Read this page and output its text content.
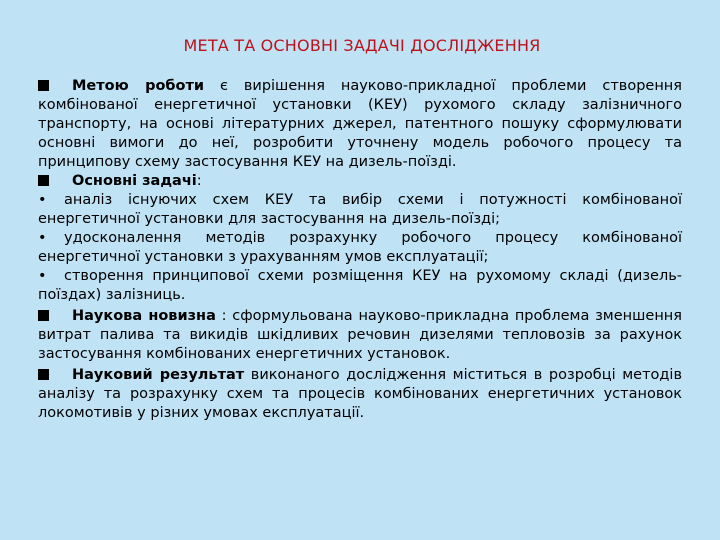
МЕТА ТА ОСНОВНІ ЗАДАЧІ ДОСЛІДЖЕННЯ

Метою роботи є вирішення науково-прикладної проблеми створення комбінованої енергетичної установки (КЕУ) рухомого складу залізничного транспорту, на основі літературних джерел, патентного пошуку сформулювати основні вимоги до неї, розробити уточнену модель робочого процесу та принципову схему застосування КЕУ на дизель-поїзді.

Основні задачі:

• аналіз існуючих схем КЕУ та вибір схеми і потужності комбінованої енергетичної установки для застосування на дизель-поїзді;

• удосконалення методів розрахунку робочого процесу комбінованої енергетичної установки з урахуванням умов експлуатації;

• створення принципової схеми розміщення КЕУ на рухомому складі (дизель-поїздах) залізниць.

Наукова новизна : сформульована науково-прикладна проблема зменшення витрат палива та викидів шкідливих речовин дизелями тепловозів за рахунок застосування комбінованих енергетичних установок.

Науковий результат виконаного дослідження міститься в розробці методів аналізу та розрахунку схем та процесів комбінованих енергетичних установок локомотивів у різних умовах експлуатації.
